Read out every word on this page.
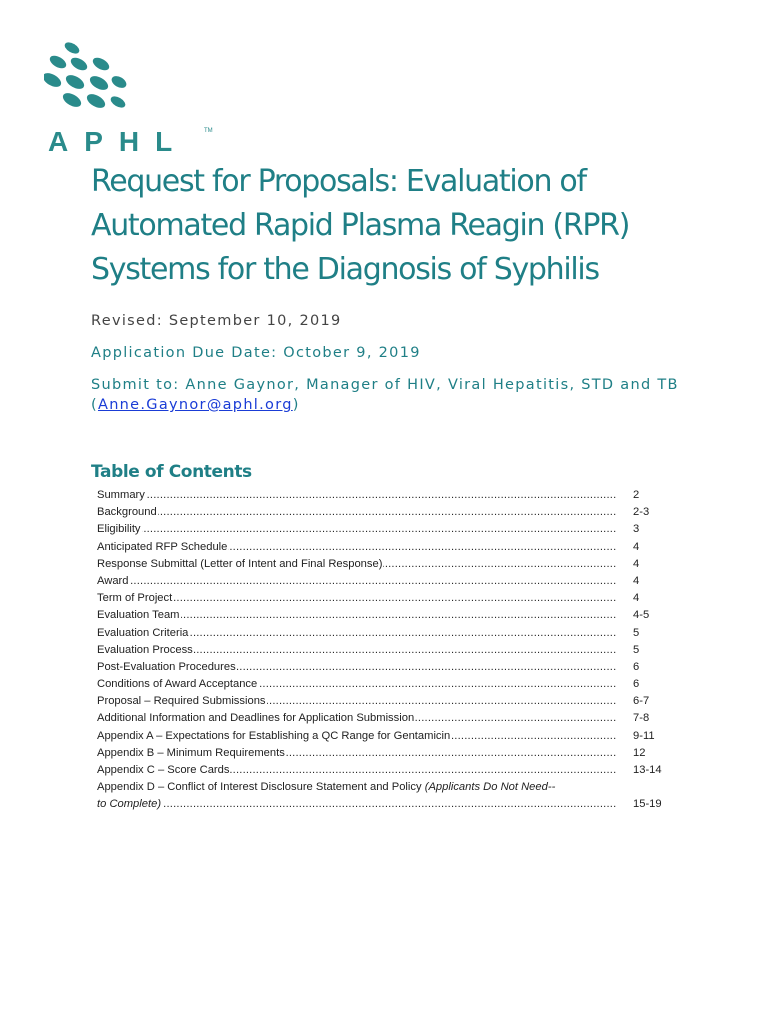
APHL	TM
Request for Proposals: Evaluation of Automated Rapid Plasma Reagin (RPR) Systems for the Diagnosis of Syphilis

Revised: September 10, 2019

Application Due Date: October 9, 2019

Submit to: Anne Gaynor, Manager of HIV, Viral Hepatitis, STD and TB
(Anne.Gaynor@aphl.org)

Table of Contents
Summary .....	2
Background .....	2-3
Eligibility .....	3
Anticipated RFP Schedule .....	4
Response Submittal (Letter of Intent and Final Response) .....	4
Award .....	4
Term of Project .....	4
Evaluation Team .....	4-5
Evaluation Criteria .....	5
Evaluation Process .....	5
Post-Evaluation Procedures .....	6
Conditions of Award Acceptance .....	6
Proposal – Required Submissions .....	6-7
Additional Information and Deadlines for Application Submission .....	7-8
Appendix A – Expectations for Establishing a QC Range for Gentamicin .....	9-11
Appendix B – Minimum Requirements .....	12
Appendix C – Score Cards .....	13-14
Appendix D – Conflict of Interest Disclosure Statement and Policy (Applicants Do Not Need--
to Complete) .....	15-19
